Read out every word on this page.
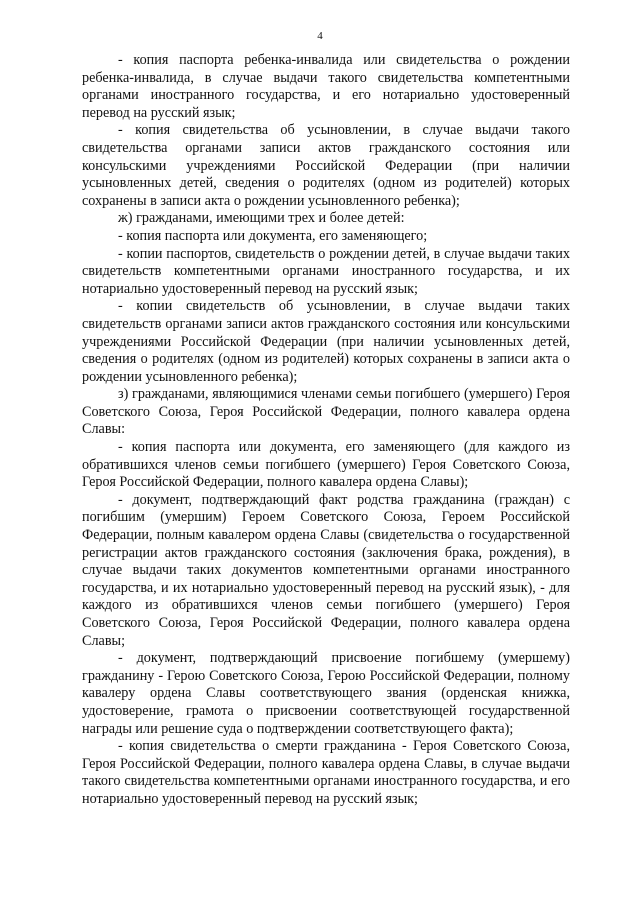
4

- копия паспорта ребенка-инвалида или свидетельства о рождении ребенка-инвалида, в случае выдачи такого свидетельства компетентными органами иностранного государства, и его нотариально удостоверенный перевод на русский язык;

- копия свидетельства об усыновлении, в случае выдачи такого свидетельства органами записи актов гражданского состояния или консульскими учреждениями Российской Федерации (при наличии усыновленных детей, сведения о родителях (одном из родителей) которых сохранены в записи акта о рождении усыновленного ребенка);

ж) гражданами, имеющими трех и более детей:

- копия паспорта или документа, его заменяющего;

- копии паспортов, свидетельств о рождении детей, в случае выдачи таких свидетельств компетентными органами иностранного государства, и их нотариально удостоверенный перевод на русский язык;

- копии свидетельств об усыновлении, в случае выдачи таких свидетельств органами записи актов гражданского состояния или консульскими учреждениями Российской Федерации (при наличии усыновленных детей, сведения о родителях (одном из родителей) которых сохранены в записи акта о рождении усыновленного ребенка);

з) гражданами, являющимися членами семьи погибшего (умершего) Героя Советского Союза, Героя Российской Федерации, полного кавалера ордена Славы:

- копия паспорта или документа, его заменяющего (для каждого из обратившихся членов семьи погибшего (умершего) Героя Советского Союза, Героя Российской Федерации, полного кавалера ордена Славы);

- документ, подтверждающий факт родства гражданина (граждан) с погибшим (умершим) Героем Советского Союза, Героем Российской Федерации, полным кавалером ордена Славы (свидетельства о государственной регистрации актов гражданского состояния (заключения брака, рождения), в случае выдачи таких документов компетентными органами иностранного государства, и их нотариально удостоверенный перевод на русский язык), - для каждого из обратившихся членов семьи погибшего (умершего) Героя Советского Союза, Героя Российской Федерации, полного кавалера ордена Славы;

- документ, подтверждающий присвоение погибшему (умершему) гражданину - Герою Советского Союза, Герою Российской Федерации, полному кавалеру ордена Славы соответствующего звания (орденская книжка, удостоверение, грамота о присвоении соответствующей государственной награды или решение суда о подтверждении соответствующего факта);

- копия свидетельства о смерти гражданина - Героя Советского Союза, Героя Российской Федерации, полного кавалера ордена Славы, в случае выдачи такого свидетельства компетентными органами иностранного государства, и его нотариально удостоверенный перевод на русский язык;
